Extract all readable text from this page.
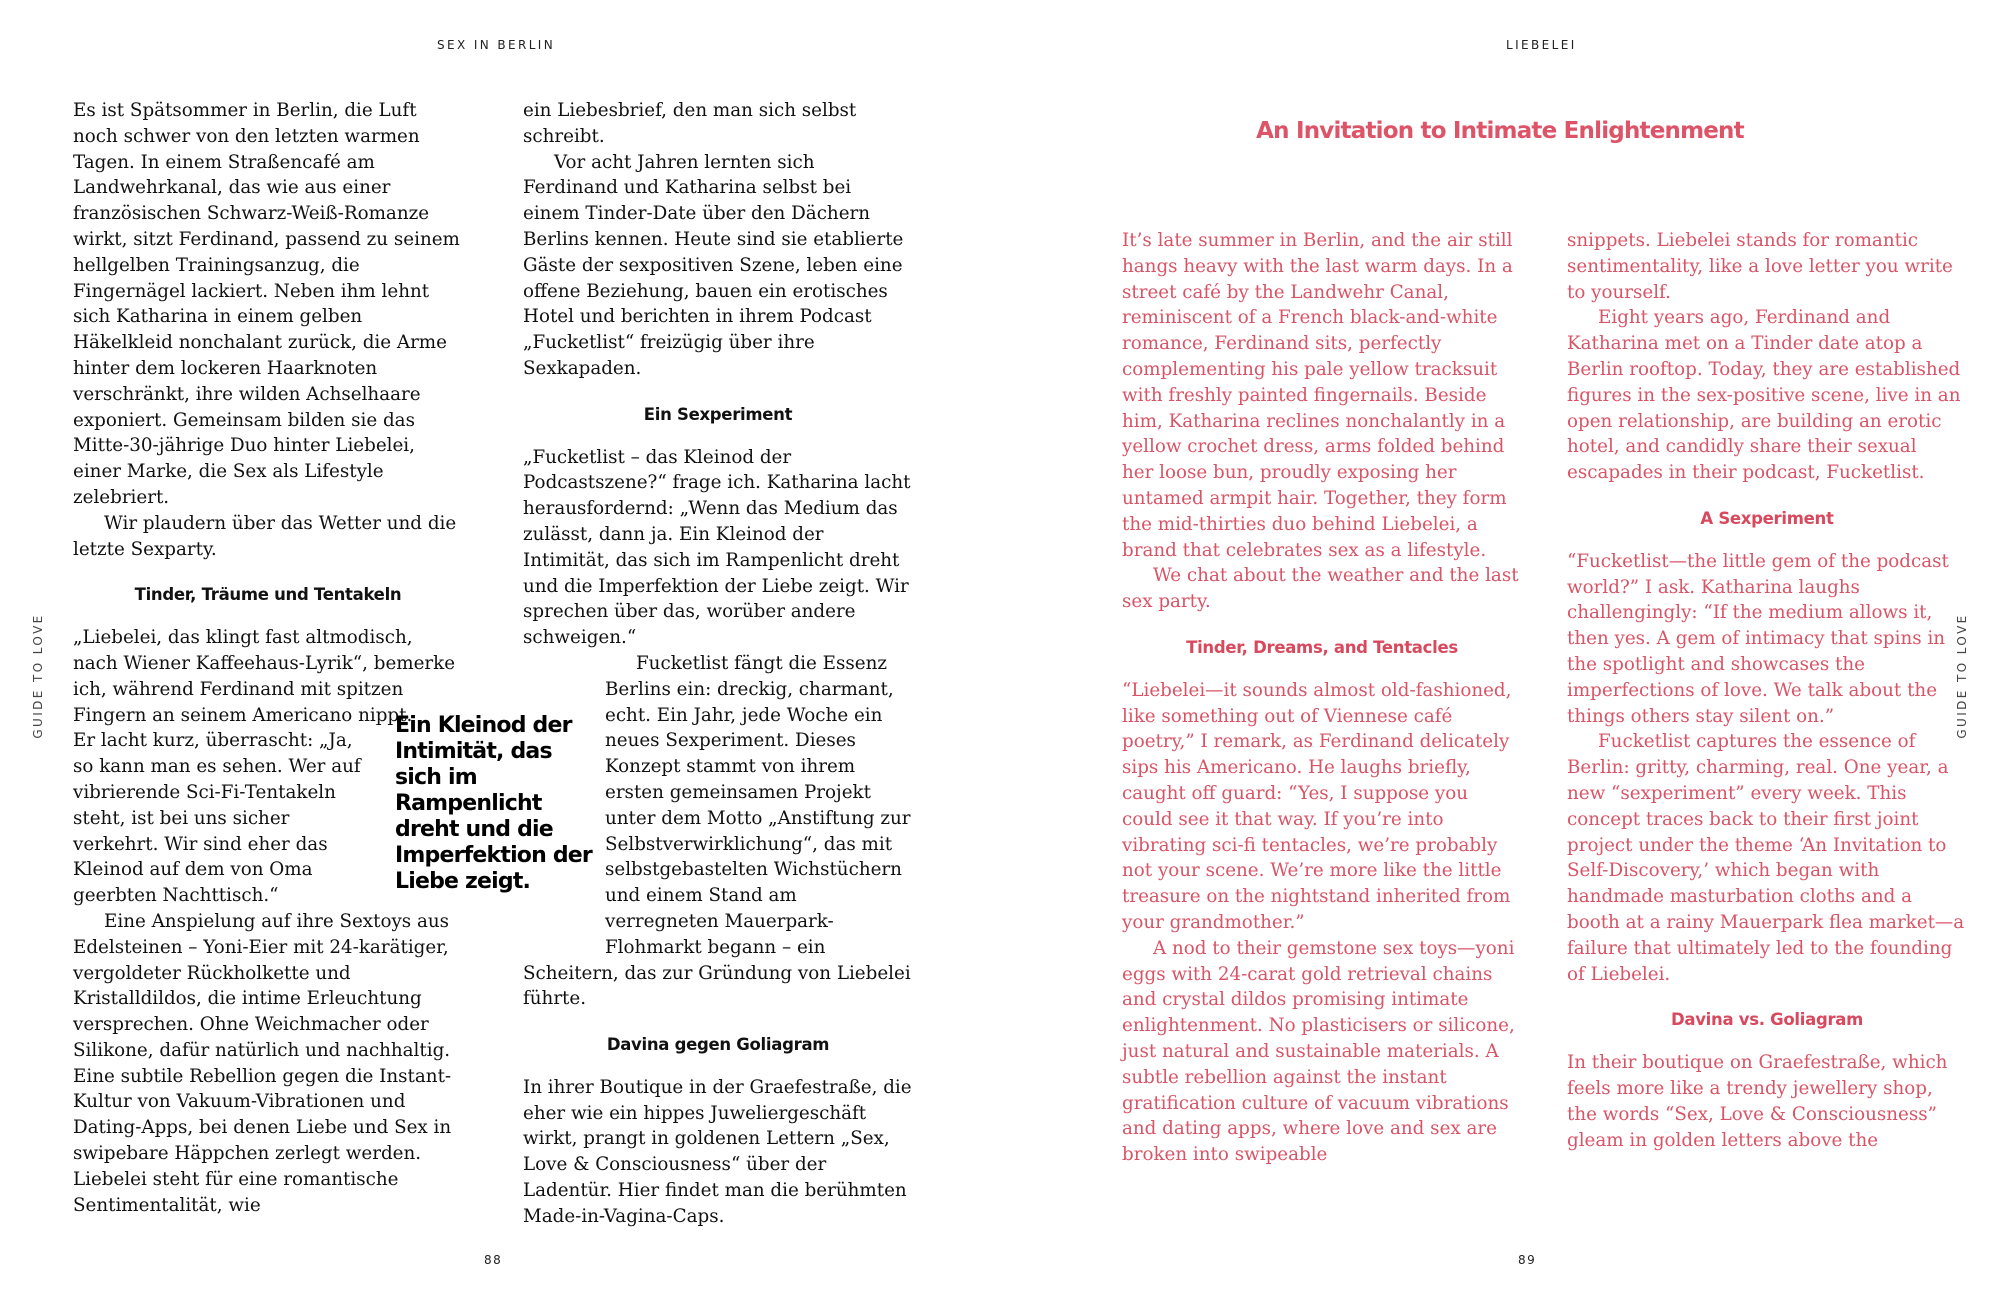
SEX IN BERLIN
GUIDE TO LOVE

Es ist Spätsommer in Berlin, die Luft noch schwer von den letzten warmen Tagen. In einem Straßencafé am Landwehrkanal, das wie aus einer französischen Schwarz-Weiß-Romanze wirkt, sitzt Ferdinand, passend zu seinem hellgelben Trainingsanzug, die Fingernägel lackiert. Neben ihm lehnt sich Katharina in einem gelben Häkelkleid nonchalant zurück, die Arme hinter dem lockeren Haarknoten verschränkt, ihre wilden Achselhaare exponiert. Gemeinsam bilden sie das Mitte-30-jährige Duo hinter Liebelei, einer Marke, die Sex als Lifestyle zelebriert.

Wir plaudern über das Wetter und die letzte Sexparty.

Tinder, Träume und Tentakeln

„Liebelei, das klingt fast altmodisch, nach Wiener Kaffeehaus-Lyrik“, bemerke ich, während Ferdinand mit spitzen Fingern an seinem Americano nippt.

Er lacht kurz, überrascht: „Ja, so kann man es sehen. Wer auf vibrierende Sci-Fi-Tentakeln steht, ist bei uns sicher verkehrt. Wir sind eher das Kleinod auf dem von Oma geerbten Nachttisch.“

Eine Anspielung auf ihre Sextoys aus Edelsteinen – Yoni-Eier mit 24-karätiger, vergoldeter Rückholkette und Kristalldildos, die intime Erleuchtung versprechen. Ohne Weichmacher oder Silikone, dafür natürlich und nachhaltig. Eine subtile Rebellion gegen die Instant-Kultur von Vakuum-Vibrationen und Dating-Apps, bei denen Liebe und Sex in swipebare Häppchen zerlegt werden. Liebelei steht für eine romantische Sentimentalität, wie

ein Liebesbrief, den man sich selbst schreibt.

Vor acht Jahren lernten sich Ferdinand und Katharina selbst bei einem Tinder-Date über den Dächern Berlins kennen. Heute sind sie etablierte Gäste der sexpositiven Szene, leben eine offene Beziehung, bauen ein erotisches Hotel und berichten in ihrem Podcast „Fucketlist“ freizügig über ihre Sexkapaden.

Ein Sexperiment

„Fucketlist – das Kleinod der Podcastszene?“ frage ich. Katharina lacht herausfordernd: „Wenn das Medium das zulässt, dann ja. Ein Kleinod der Intimität, das sich im Rampenlicht dreht und die Imperfektion der Liebe zeigt. Wir sprechen über das, worüber andere schweigen.“

Fucketlist fängt die Essenz Berlins ein: dreckig, charmant, echt. Ein Jahr, jede Woche ein neues Sexperiment. Dieses Konzept stammt von ihrem ersten gemeinsamen Projekt unter dem Motto „Anstiftung zur Selbstverwirklichung“, das mit selbstgebastelten Wichstüchern und einem Stand am verregneten Mauerpark-Flohmarkt begann – ein Scheitern, das zur Gründung von Liebelei führte.

Davina gegen Goliagram

In ihrer Boutique in der Graefestraße, die eher wie ein hippes Juweliergeschäft wirkt, prangt in goldenen Lettern „Sex, Love & Consciousness“ über der Ladentür. Hier findet man die berühmten Made-in-Vagina-Caps.

Ein Kleinod der Intimität, das sich im Rampenlicht dreht und die Imperfektion der Liebe zeigt.
88
LIEBELEI
GUIDE TO LOVE
An Invitation to Intimate Enlightenment

It’s late summer in Berlin, and the air still hangs heavy with the last warm days. In a street café by the Landwehr Canal, reminiscent of a French black-and-white romance, Ferdinand sits, perfectly complementing his pale yellow tracksuit with freshly painted fingernails. Beside him, Katharina reclines nonchalantly in a yellow crochet dress, arms folded behind her loose bun, proudly exposing her untamed armpit hair. Together, they form the mid-thirties duo behind Liebelei, a brand that celebrates sex as a lifestyle.

We chat about the weather and the last sex party.

Tinder, Dreams, and Tentacles

“Liebelei—it sounds almost old-fashioned, like something out of Viennese café poetry,” I remark, as Ferdinand delicately sips his Americano. He laughs briefly, caught off guard: “Yes, I suppose you could see it that way. If you’re into vibrating sci-fi tentacles, we’re probably not your scene. We’re more like the little treasure on the nightstand inherited from your grandmother.”

A nod to their gemstone sex toys—yoni eggs with 24-carat gold retrieval chains and crystal dildos promising intimate enlightenment. No plasticisers or silicone, just natural and sustainable materials. A subtle rebellion against the instant gratification culture of vacuum vibrations and dating apps, where love and sex are broken into swipeable

snippets. Liebelei stands for romantic sentimentality, like a love letter you write to yourself.

Eight years ago, Ferdinand and Katharina met on a Tinder date atop a Berlin rooftop. Today, they are established figures in the sex-positive scene, live in an open relationship, are building an erotic hotel, and candidly share their sexual escapades in their podcast, Fucketlist.

A Sexperiment

“Fucketlist—the little gem of the podcast world?” I ask. Katharina laughs challengingly: “If the medium allows it, then yes. A gem of intimacy that spins in the spotlight and showcases the imperfections of love. We talk about the things others stay silent on.”

Fucketlist captures the essence of Berlin: gritty, charming, real. One year, a new “sexperiment” every week. This concept traces back to their first joint project under the theme ‘An Invitation to Self-Discovery,’ which began with handmade masturbation cloths and a booth at a rainy Mauerpark flea market—a failure that ultimately led to the founding of Liebelei.

Davina vs. Goliagram

In their boutique on Graefestraße, which feels more like a trendy jewellery shop, the words “Sex, Love & Consciousness” gleam in golden letters above the

89
